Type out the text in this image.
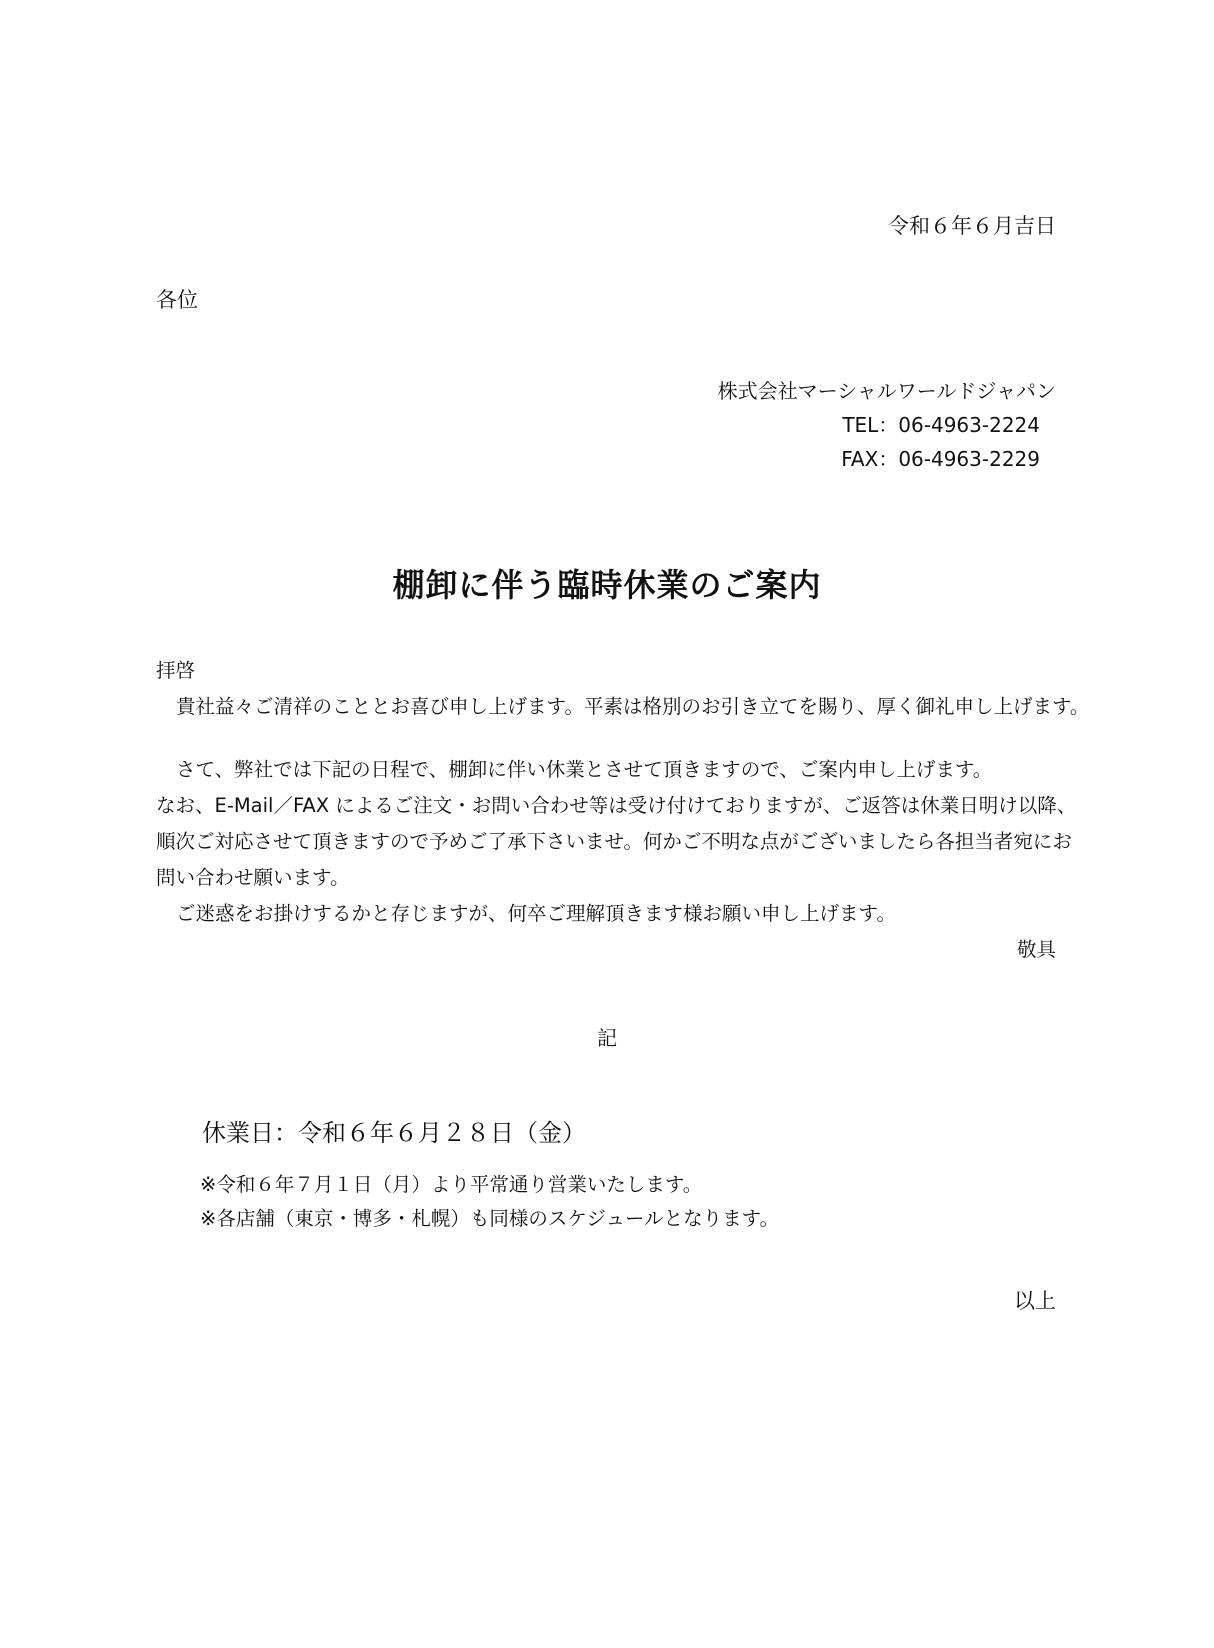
令和６年６月吉日
各位
株式会社マーシャルワールドジャパン
TEL：06-4963-2224
FAX：06-4963-2229
棚卸に伴う臨時休業のご案内
拝啓
貴社益々ご清祥のこととお喜び申し上げます。平素は格別のお引き立てを賜り、厚く御礼申し上げます。
さて、弊社では下記の日程で、棚卸に伴い休業とさせて頂きますので、ご案内申し上げます。
なお、E-Mail／FAX によるご注文・お問い合わせ等は受け付けておりますが、ご返答は休業日明け以降、
順次ご対応させて頂きますので予めご了承下さいませ。何かご不明な点がございましたら各担当者宛にお
問い合わせ願います。
ご迷惑をお掛けするかと存じますが、何卒ご理解頂きます様お願い申し上げます。
敬具
記
休業日：令和６年６月２８日（金）
※令和６年７月１日（月）より平常通り営業いたします。
※各店舗（東京・博多・札幌）も同様のスケジュールとなります。
以上
